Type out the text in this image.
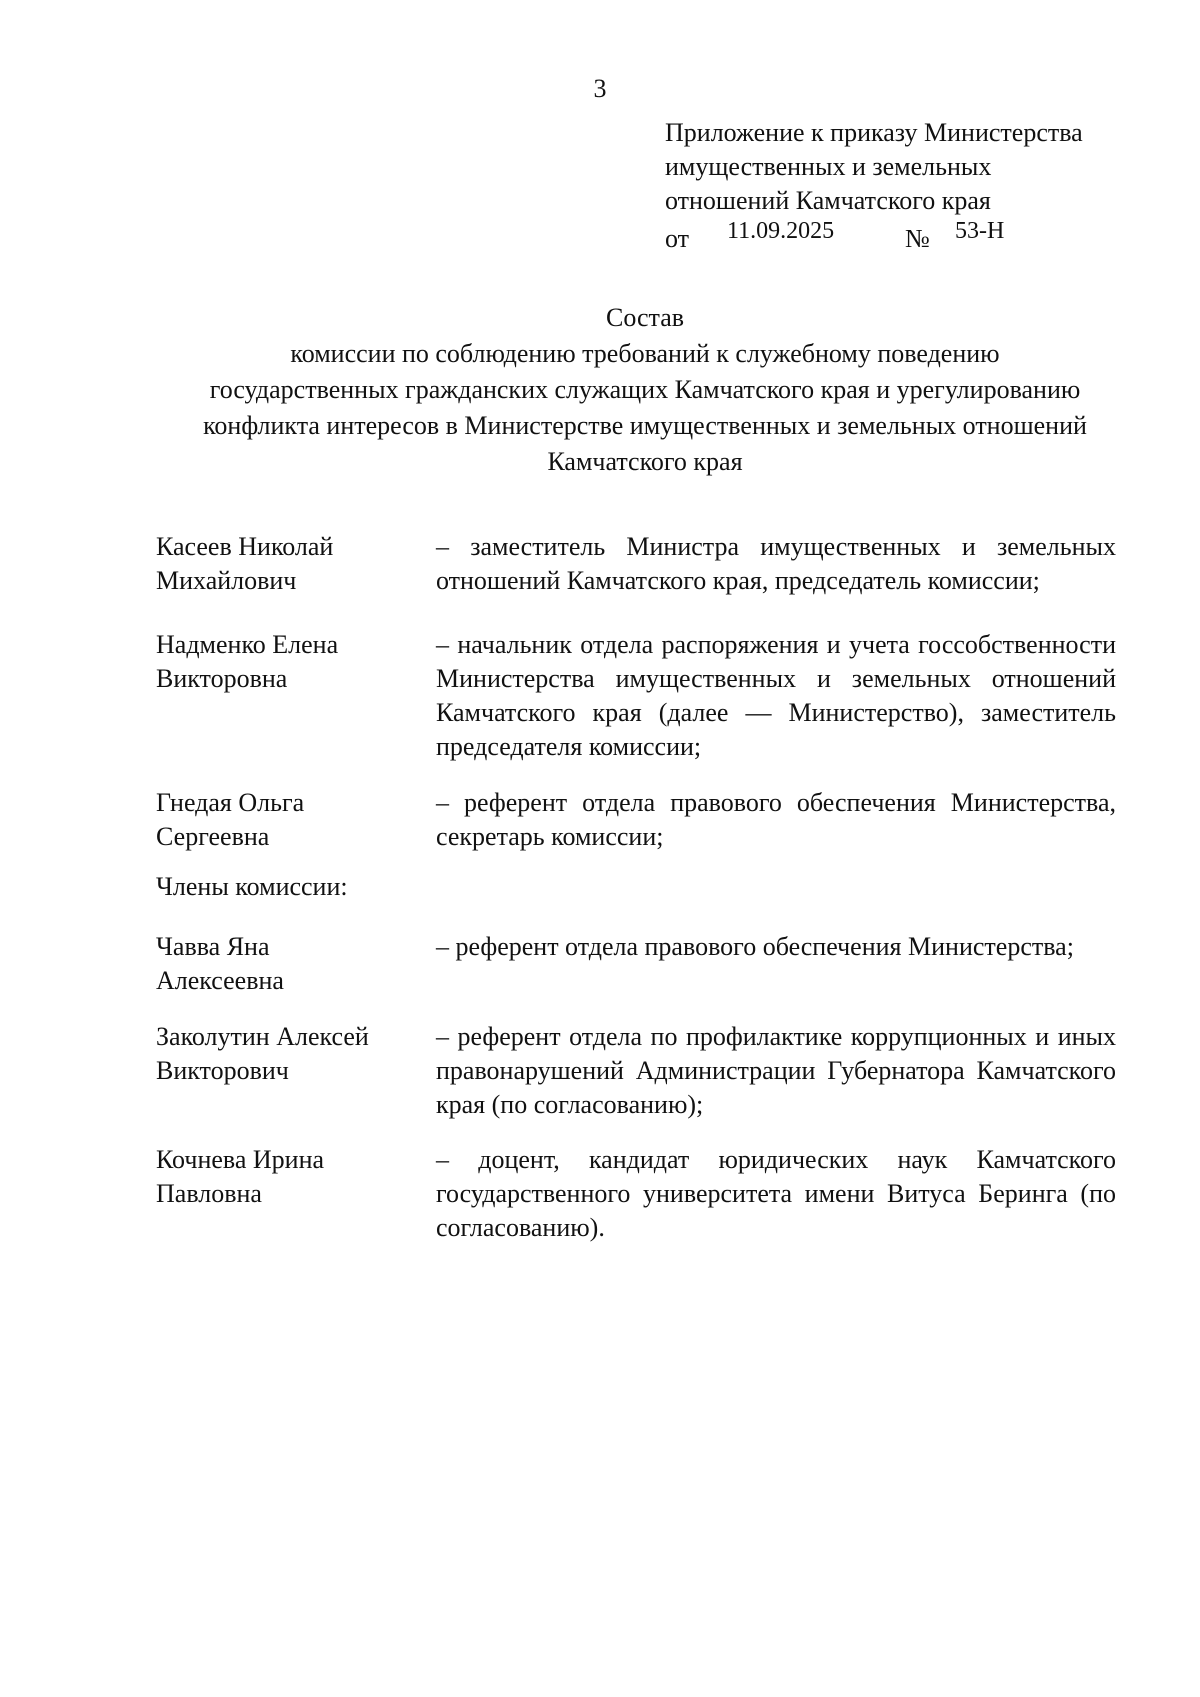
3
Приложение к приказу Министерства
имущественных и земельных
отношений Камчатского края
от 11.09.2025	№ 53-Н
Состав
комиссии по соблюдению требований к служебному поведению
государственных гражданских служащих Камчатского края и урегулированию
конфликта интересов в Министерстве имущественных и земельных отношений
Камчатского края
Касеев Николай
Михайлович
– заместитель Министра имущественных и земельных отношений Камчатского края, председатель комиссии;
Надменко Елена
Викторовна
– начальник отдела распоряжения и учета госсобственности Министерства имущественных и земельных отношений Камчатского края (далее — Министерство), заместитель председателя комиссии;
Гнедая Ольга
Сергеевна
– референт отдела правового обеспечения Министерства, секретарь комиссии;
Члены комиссии:
Чавва Яна
Алексеевна
– референт отдела правового обеспечения Министерства;
Заколутин Алексей
Викторович
– референт отдела по профилактике коррупционных и иных правонарушений Администрации Губернатора Камчатского края (по согласованию);
Кочнева Ирина
Павловна
– доцент, кандидат юридических наук Камчатского государственного университета имени Витуса Беринга (по согласованию).
